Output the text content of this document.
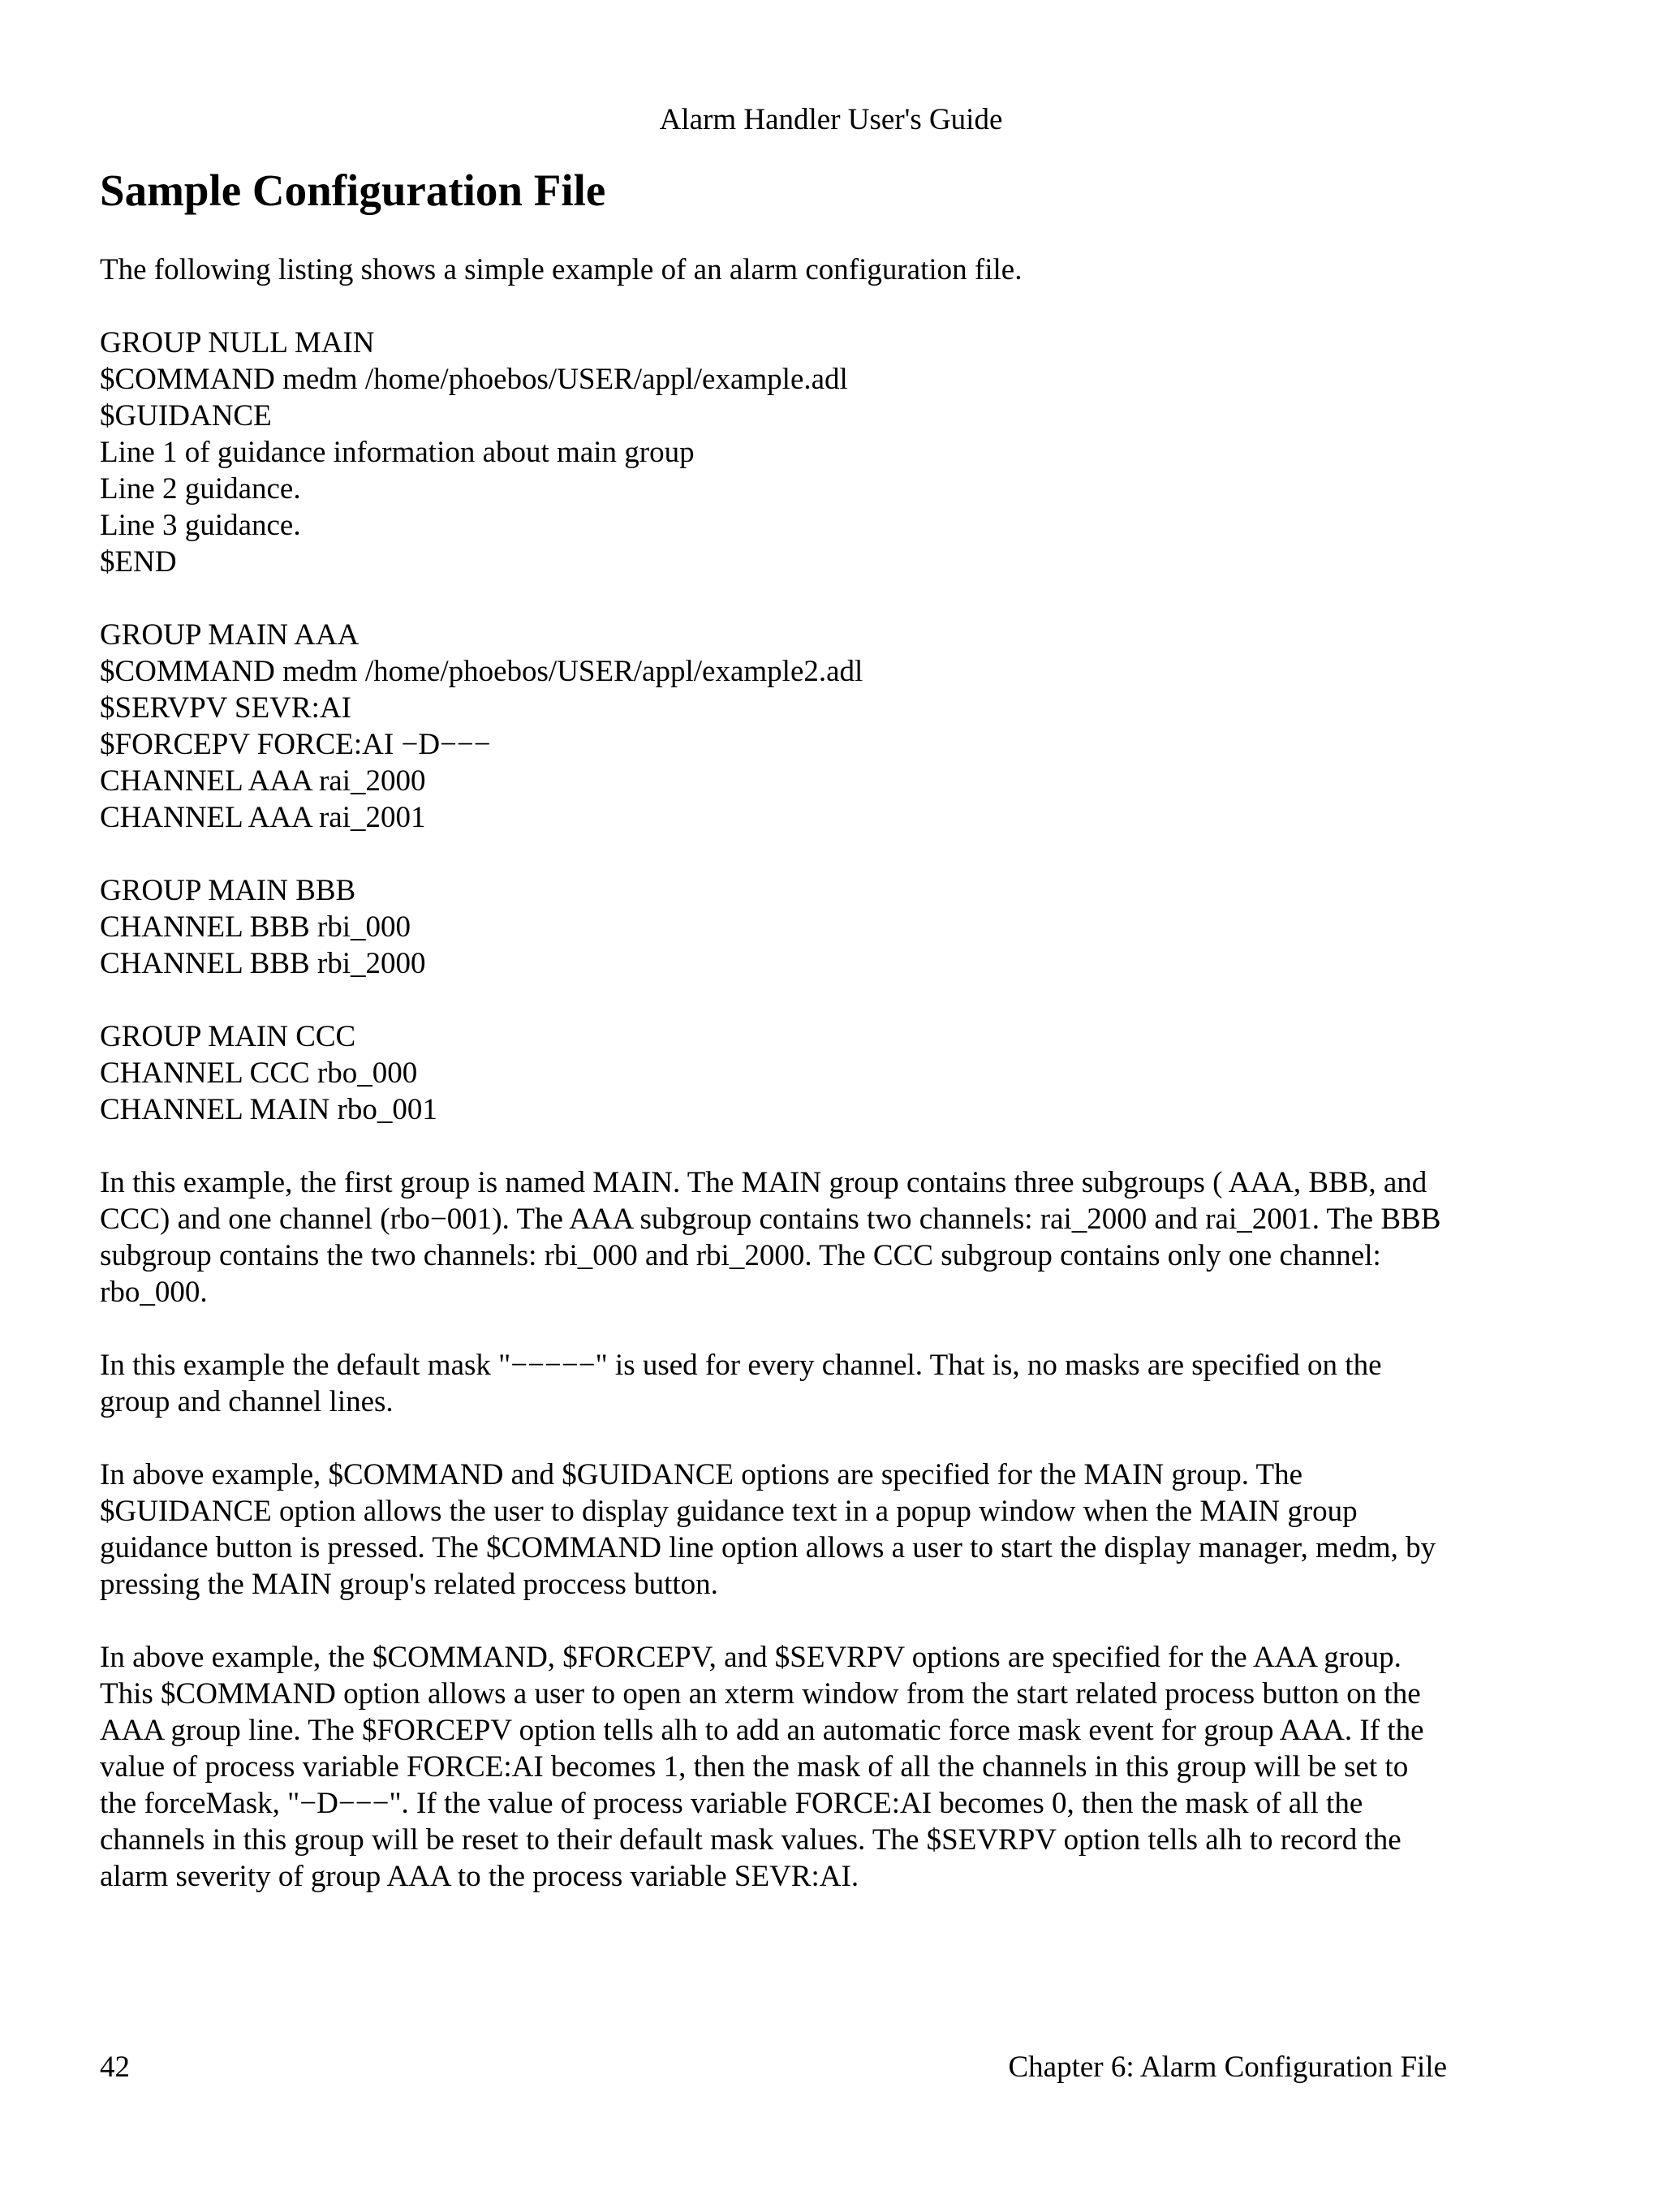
Alarm Handler User's Guide
Sample Configuration File

The following listing shows a simple example of an alarm configuration file.

GROUP NULL MAIN
$COMMAND medm /home/phoebos/USER/appl/example.adl
$GUIDANCE
Line 1 of guidance information about main group
Line 2 guidance.
Line 3 guidance.
$END
GROUP MAIN AAA
$COMMAND medm /home/phoebos/USER/appl/example2.adl
$SERVPV SEVR:AI
$FORCEPV FORCE:AI −D−−−
CHANNEL AAA rai_2000
CHANNEL AAA rai_2001
GROUP MAIN BBB
CHANNEL BBB rbi_000
CHANNEL BBB rbi_2000
GROUP MAIN CCC
CHANNEL CCC rbo_000
CHANNEL MAIN rbo_001

In this example, the first group is named MAIN. The MAIN group contains three subgroups ( AAA, BBB, and CCC) and one channel (rbo−001). The AAA subgroup contains two channels: rai_2000 and rai_2001. The BBB subgroup contains the two channels: rbi_000 and rbi_2000. The CCC subgroup contains only one channel: rbo_000.

In this example the default mask "−−−−−" is used for every channel. That is, no masks are specified on the group and channel lines.

In above example, $COMMAND and $GUIDANCE options are specified for the MAIN group. The $GUIDANCE option allows the user to display guidance text in a popup window when the MAIN group guidance button is pressed. The $COMMAND line option allows a user to start the display manager, medm, by pressing the MAIN group's related proccess button.

In above example, the $COMMAND, $FORCEPV, and $SEVRPV options are specified for the AAA group. This $COMMAND option allows a user to open an xterm window from the start related process button on the AAA group line. The $FORCEPV option tells alh to add an automatic force mask event for group AAA. If the value of process variable FORCE:AI becomes 1, then the mask of all the channels in this group will be set to the forceMask, "−D−−−". If the value of process variable FORCE:AI becomes 0, then the mask of all the channels in this group will be reset to their default mask values. The $SEVRPV option tells alh to record the alarm severity of group AAA to the process variable SEVR:AI.

42	Chapter 6: Alarm Configuration File
